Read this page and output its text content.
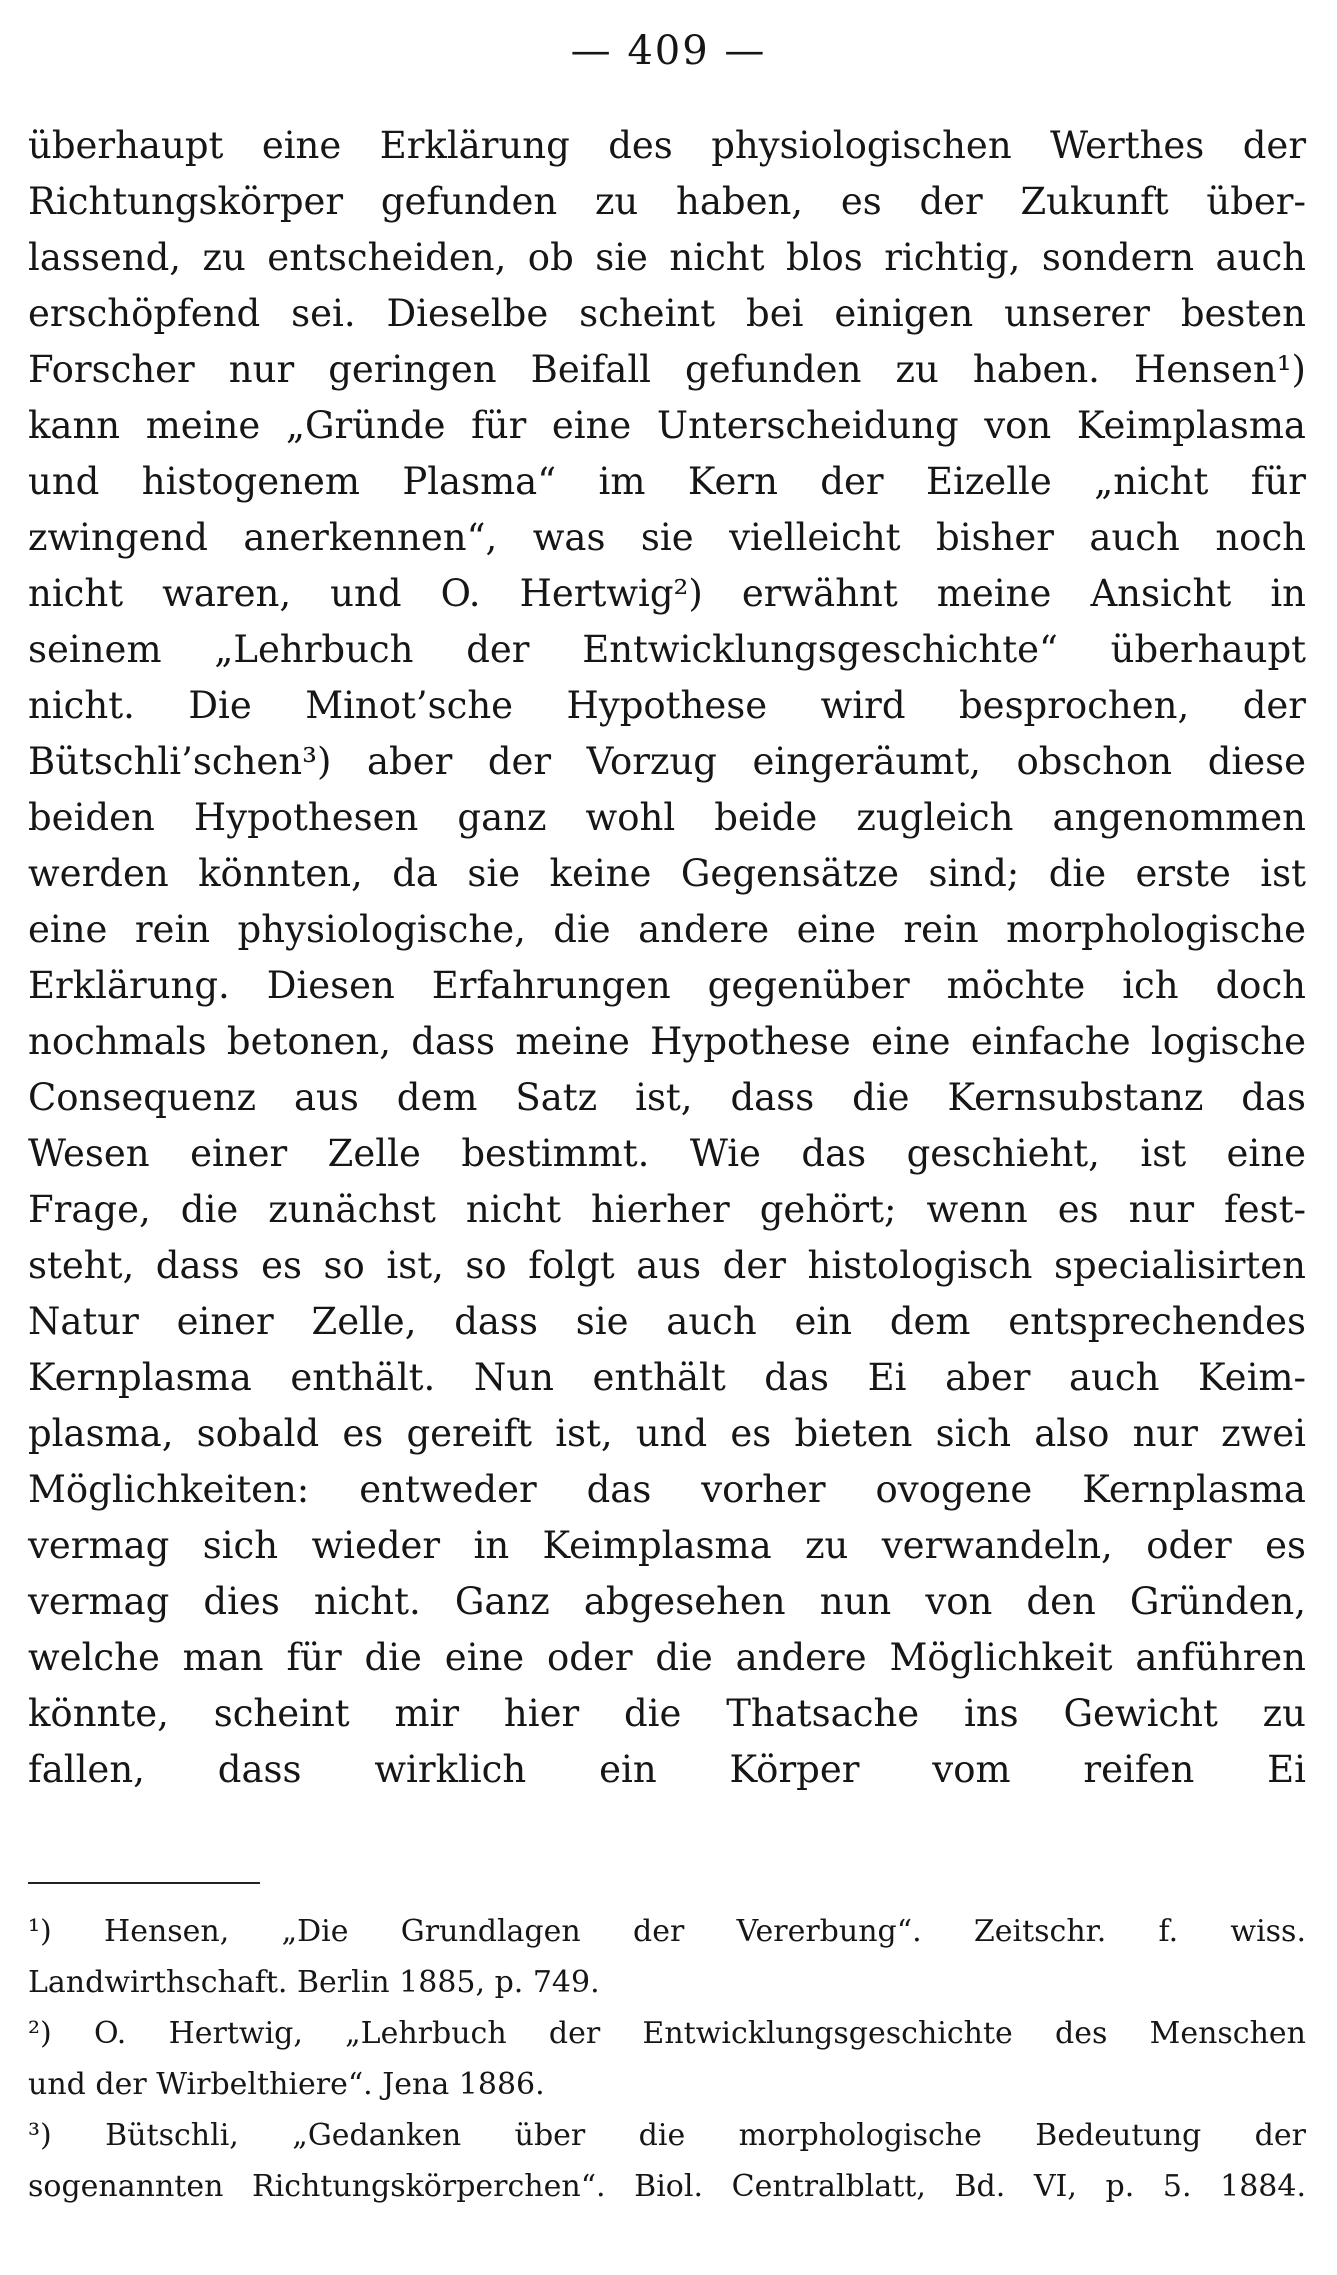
— 409 —
überhaupt eine Erklärung des physiologischen Werthes der
Richtungskörper gefunden zu haben, es der Zukunft über-
lassend, zu entscheiden, ob sie nicht blos richtig, sondern auch
erschöpfend sei. Dieselbe scheint bei einigen unserer besten
Forscher nur geringen Beifall gefunden zu haben. Hensen¹)
kann meine „Gründe für eine Unterscheidung von Keimplasma
und histogenem Plasma“ im Kern der Eizelle „nicht für
zwingend anerkennen“, was sie vielleicht bisher auch noch
nicht waren, und O. Hertwig²) erwähnt meine Ansicht in
seinem „Lehrbuch der Entwicklungsgeschichte“ überhaupt
nicht. Die Minot’sche Hypothese wird besprochen, der
Bütschli’schen³) aber der Vorzug eingeräumt, obschon diese
beiden Hypothesen ganz wohl beide zugleich angenommen
werden könnten, da sie keine Gegensätze sind; die erste ist
eine rein physiologische, die andere eine rein morphologische
Erklärung. Diesen Erfahrungen gegenüber möchte ich doch
nochmals betonen, dass meine Hypothese eine einfache logische
Consequenz aus dem Satz ist, dass die Kernsubstanz das
Wesen einer Zelle bestimmt. Wie das geschieht, ist eine
Frage, die zunächst nicht hierher gehört; wenn es nur fest-
steht, dass es so ist, so folgt aus der histologisch specialisirten
Natur einer Zelle, dass sie auch ein dem entsprechendes
Kernplasma enthält. Nun enthält das Ei aber auch Keim-
plasma, sobald es gereift ist, und es bieten sich also nur zwei
Möglichkeiten: entweder das vorher ovogene Kernplasma
vermag sich wieder in Keimplasma zu verwandeln, oder es
vermag dies nicht. Ganz abgesehen nun von den Gründen,
welche man für die eine oder die andere Möglichkeit anführen
könnte, scheint mir hier die Thatsache ins Gewicht zu
fallen, dass wirklich ein Körper vom reifen Ei
¹) Hensen, „Die Grundlagen der Vererbung“. Zeitschr. f. wiss.
Landwirthschaft. Berlin 1885, p. 749.
²) O. Hertwig, „Lehrbuch der Entwicklungsgeschichte des Menschen
und der Wirbelthiere“. Jena 1886.
³) Bütschli, „Gedanken über die morphologische Bedeutung der
sogenannten Richtungskörperchen“. Biol. Centralblatt, Bd. VI, p. 5. 1884.
